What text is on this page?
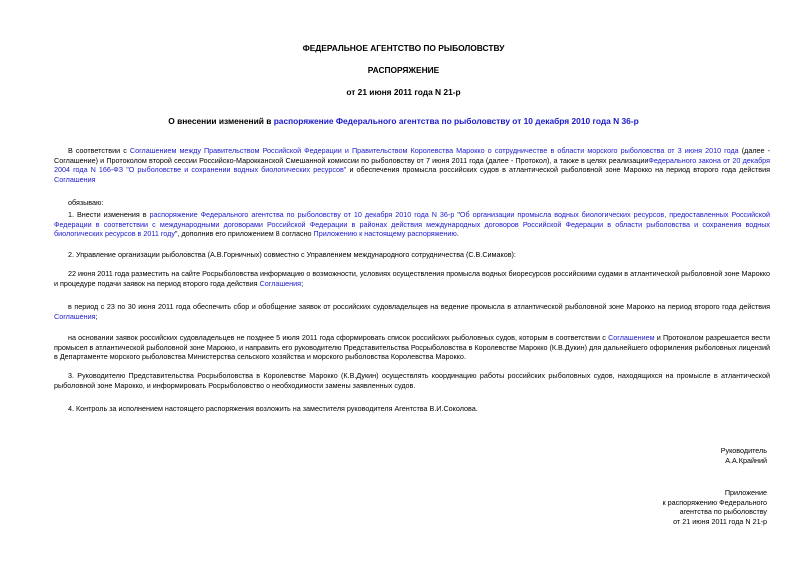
ФЕДЕРАЛЬНОЕ АГЕНТСТВО ПО РЫБОЛОВСТВУ
РАСПОРЯЖЕНИЕ
от 21 июня 2011 года N 21-р
О внесении изменений в распоряжение Федерального агентства по рыболовству от 10 декабря 2010 года N 36-р

В соответствии с Соглашением между Правительством Российской Федерации и Правительством Королевства Марокко о сотрудничестве в области морского рыболовства от 3 июня 2010 года (далее - Соглашение) и Протоколом второй сессии Российско-Марокканской Смешанной комиссии по рыболовству от 7 июня 2011 года (далее - Протокол), а также в целях реализацииФедерального закона от 20 декабря 2004 года N 166-ФЗ "О рыболовстве и сохранении водных биологических ресурсов" и обеспечения промысла российских судов в атлантической рыболовной зоне Марокко на период второго года действия Соглашения

обязываю:

1. Внести изменения в распоряжение Федерального агентства по рыболовству от 10 декабря 2010 года N 36-р "Об организации промысла водных биологических ресурсов, предоставленных Российской Федерации в соответствии с международными договорами Российской Федерации в районах действия международных договоров Российской Федерации в области рыболовства и сохранения водных биологических ресурсов в 2011 году", дополнив его приложением 8 согласно Приложению к настоящему распоряжению.

2. Управление организации рыболовства (А.В.Горничных) совместно с Управлением международного сотрудничества (С.В.Симаков):

22 июня 2011 года разместить на сайте Росрыболовства информацию о возможности, условиях осуществления промысла водных биоресурсов российскими судами в атлантической рыболовной зоне Марокко и процедуре подачи заявок на период второго года действия Соглашения;

в период с 23 по 30 июня 2011 года обеспечить сбор и обобщение заявок от российских судовладельцев на ведение промысла в атлантической рыболовной зоне Марокко на период второго года действия Соглашения;

на основании заявок российских судовладельцев не позднее 5 июля 2011 года сформировать список российских рыболовных судов, которым в соответствии с Соглашением и Протоколом разрешается вести промысел в атлантической рыболовной зоне Марокко, и направить его руководителю Представительства Росрыболовства в Королевстве Марокко (К.В.Дукин) для дальнейшего оформления рыболовных лицензий в Департаменте морского рыболовства Министерства сельского хозяйства и морского рыболовства Королевства Марокко.

3. Руководителю Представительства Росрыболовства в Королевстве Марокко (К.В.Дукин) осуществлять координацию работы российских рыболовных судов, находящихся на промысле в атлантической рыболовной зоне Марокко, и информировать Росрыболовство о необходимости замены заявленных судов.

4. Контроль за исполнением настоящего распоряжения возложить на заместителя руководителя Агентства В.И.Соколова.

Руководитель
А.А.Крайний
Приложение
к распоряжению Федерального
агентства по рыболовству
от 21 июня 2011 года N 21-р
